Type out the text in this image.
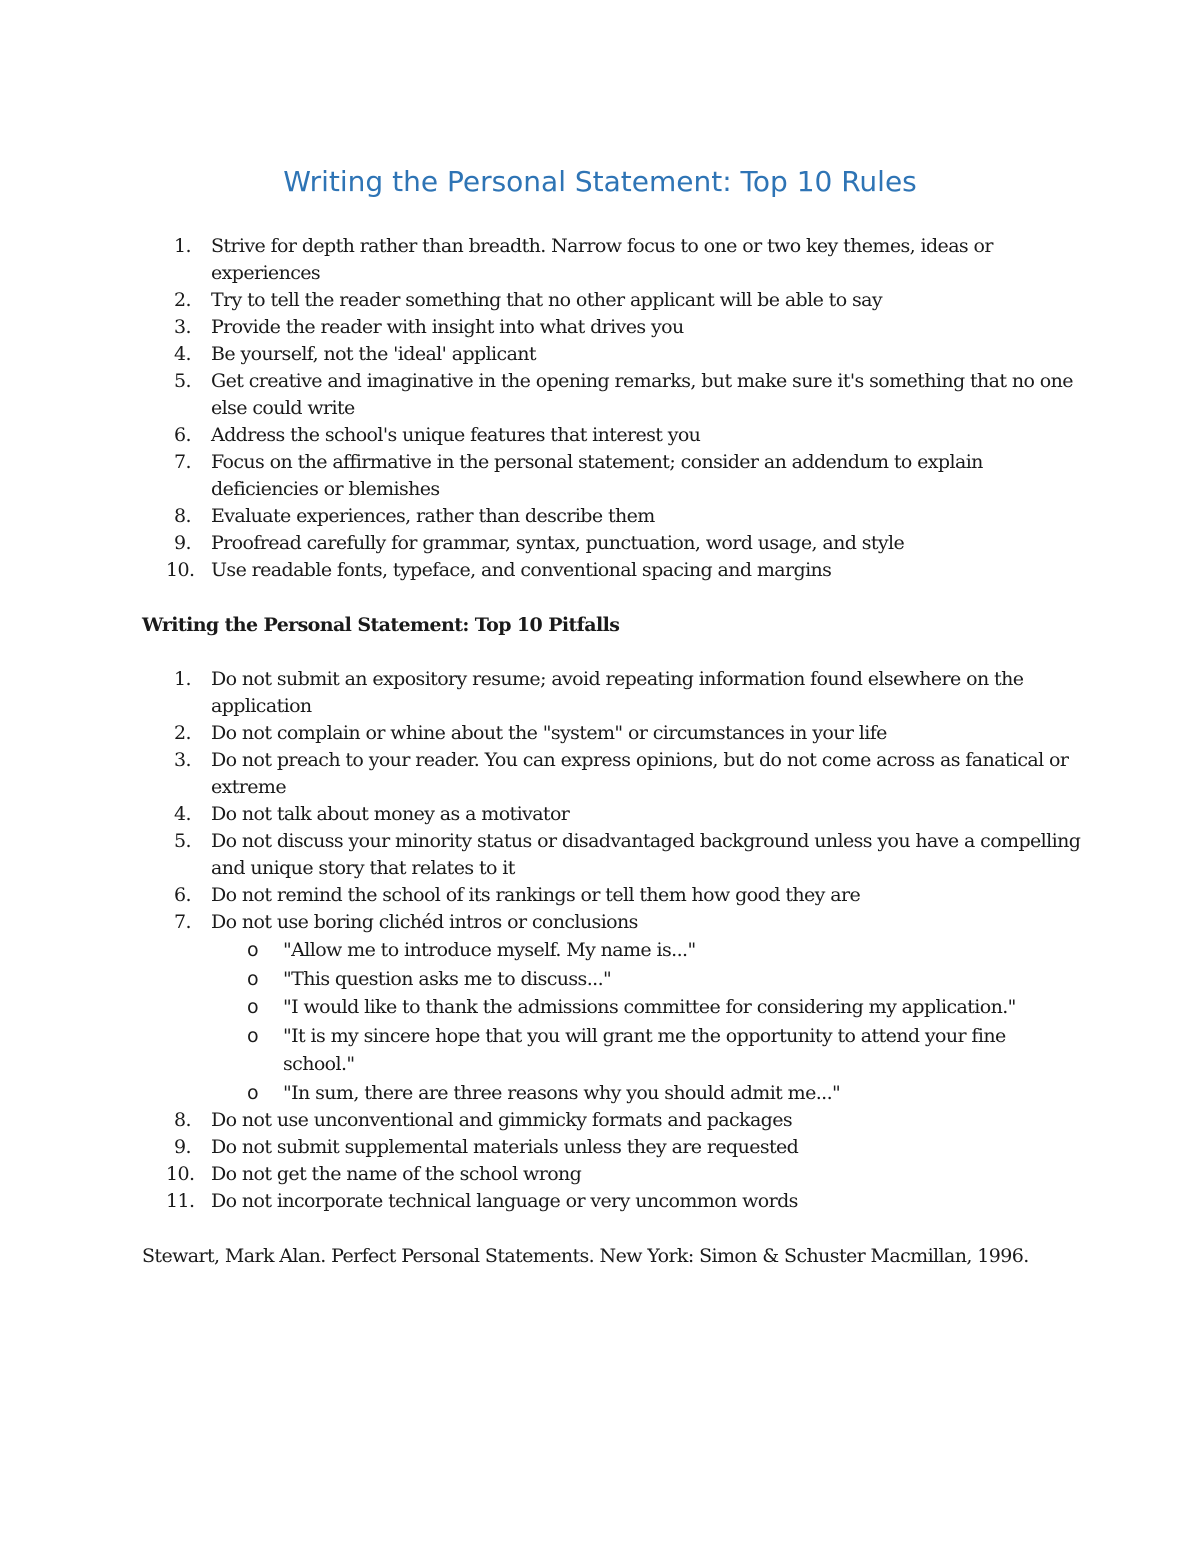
Writing the Personal Statement: Top 10 Rules
1. Strive for depth rather than breadth. Narrow focus to one or two key themes, ideas or experiences
2. Try to tell the reader something that no other applicant will be able to say
3. Provide the reader with insight into what drives you
4. Be yourself, not the 'ideal' applicant
5. Get creative and imaginative in the opening remarks, but make sure it's something that no one else could write
6. Address the school's unique features that interest you
7. Focus on the affirmative in the personal statement; consider an addendum to explain deficiencies or blemishes
8. Evaluate experiences, rather than describe them
9. Proofread carefully for grammar, syntax, punctuation, word usage, and style
10. Use readable fonts, typeface, and conventional spacing and margins
Writing the Personal Statement: Top 10 Pitfalls
1. Do not submit an expository resume; avoid repeating information found elsewhere on the application
2. Do not complain or whine about the "system" or circumstances in your life
3. Do not preach to your reader. You can express opinions, but do not come across as fanatical or extreme
4. Do not talk about money as a motivator
5. Do not discuss your minority status or disadvantaged background unless you have a compelling and unique story that relates to it
6. Do not remind the school of its rankings or tell them how good they are
7. Do not use boring clichéd intros or conclusions
o "Allow me to introduce myself. My name is..."
o "This question asks me to discuss..."
o "I would like to thank the admissions committee for considering my application."
o "It is my sincere hope that you will grant me the opportunity to attend your fine school."
o "In sum, there are three reasons why you should admit me..."
8. Do not use unconventional and gimmicky formats and packages
9. Do not submit supplemental materials unless they are requested
10. Do not get the name of the school wrong
11. Do not incorporate technical language or very uncommon words
Stewart, Mark Alan. Perfect Personal Statements. New York: Simon & Schuster Macmillan, 1996.
